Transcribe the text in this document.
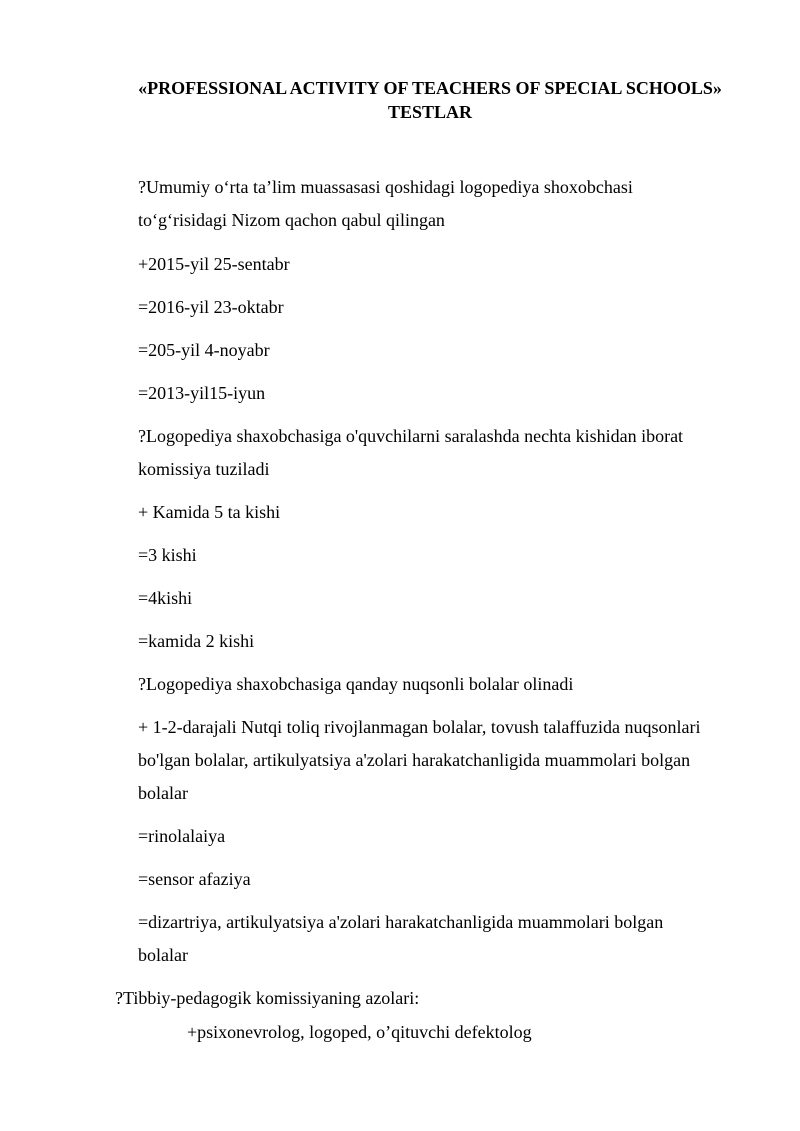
«PROFESSIONAL ACTIVITY OF TEACHERS OF SPECIAL SCHOOLS»
TESTLAR
?Umumiy o‘rta ta’lim muassasasi qoshidagi logopediya shoxobchasi
to‘g‘risidagi Nizom qachon qabul qilingan
+2015-yil 25-sentabr
=2016-yil 23-oktabr
=205-yil 4-noyabr
=2013-yil15-iyun
?Logopediya shaxobchasiga o'quvchilarni saralashda nechta kishidan iborat
komissiya tuziladi
+ Kamida 5 ta kishi
=3 kishi
=4kishi
=kamida 2 kishi
?Logopediya shaxobchasiga qanday nuqsonli bolalar olinadi
+ 1-2-darajali Nutqi toliq rivojlanmagan bolalar, tovush talaffuzida nuqsonlari
bo'lgan bolalar, artikulyatsiya a'zolari harakatchanligida muammolari bolgan
bolalar
=rinolalaiya
=sensor afaziya
=dizartriya, artikulyatsiya a'zolari harakatchanligida muammolari bolgan
bolalar
?Tibbiy-pedagogik komissiyaning azolari:
+psixonevrolog, logoped, o’qituvchi defektolog
